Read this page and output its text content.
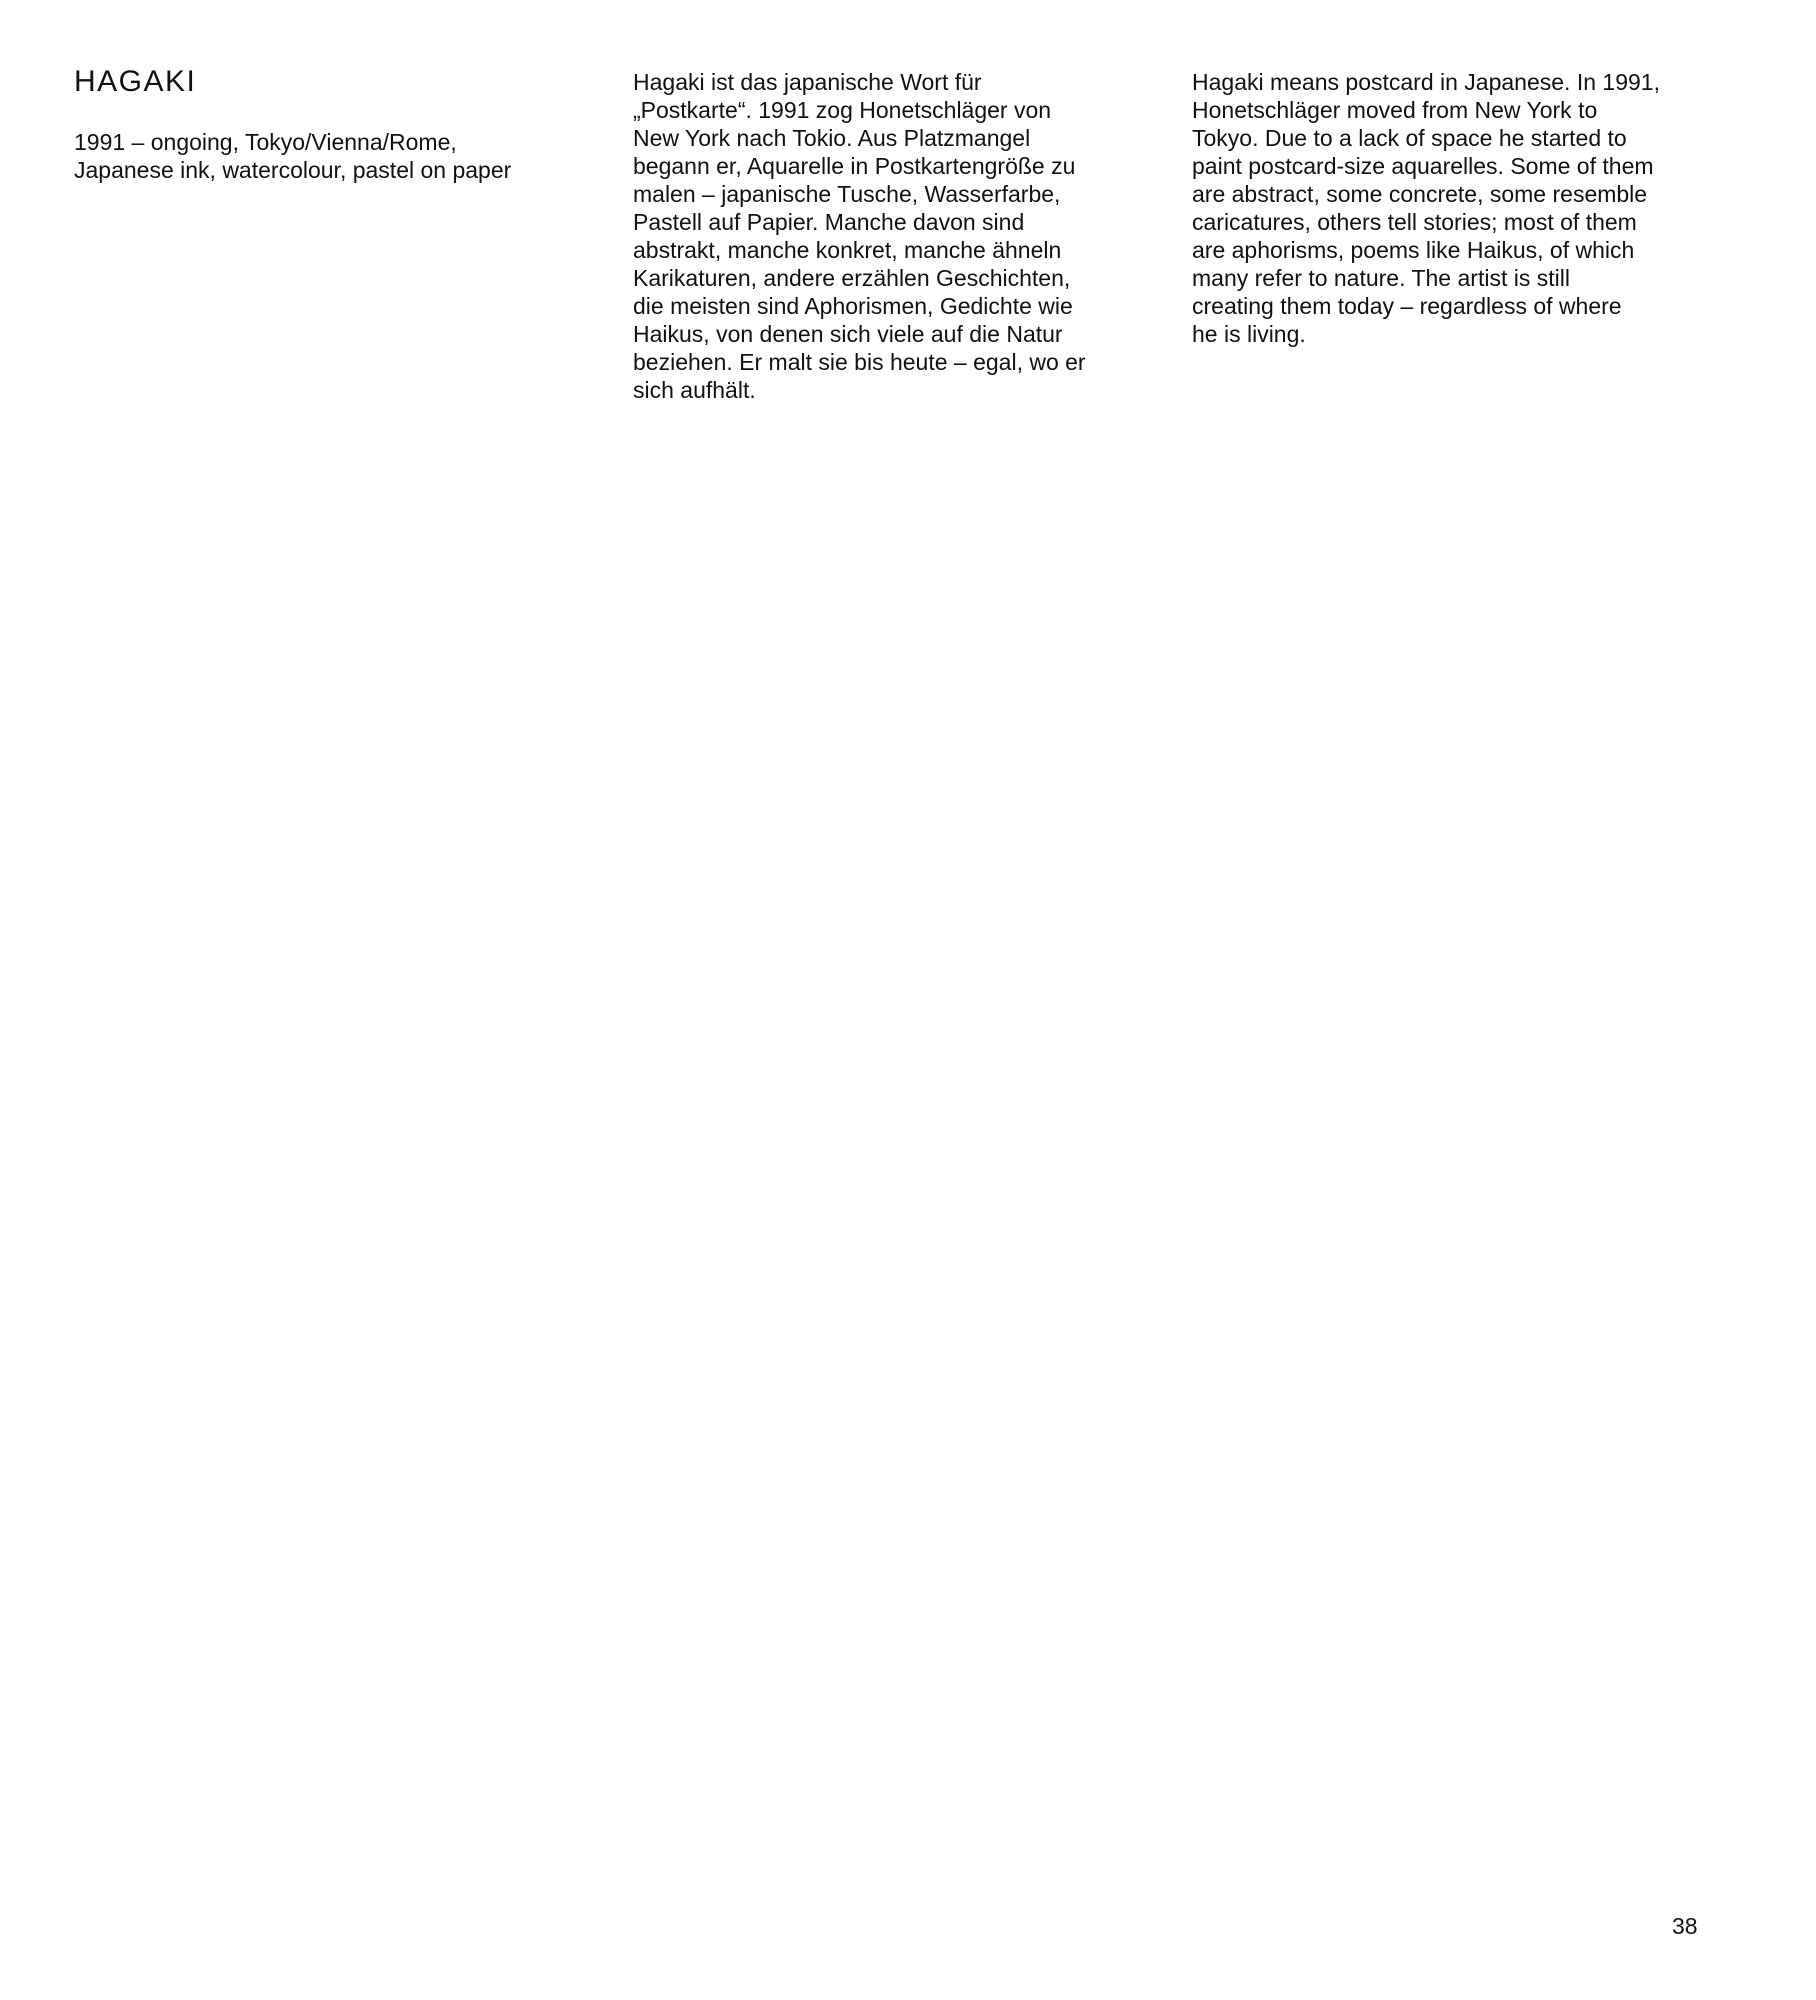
HAGAKI
1991 – ongoing, Tokyo/Vienna/Rome,
Japanese ink, watercolour, pastel on paper

Hagaki ist das japanische Wort für
„Postkarte“. 1991 zog Honetschläger von
New York nach Tokio. Aus Platzmangel
begann er, Aquarelle in Postkartengröße zu
malen – japanische Tusche, Wasserfarbe,
Pastell auf Papier. Manche davon sind
abstrakt, manche konkret, manche ähneln
Karikaturen, andere erzählen Geschichten,
die meisten sind Aphorismen, Gedichte wie
Haikus, von denen sich viele auf die Natur
beziehen. Er malt sie bis heute – egal, wo er
sich aufhält.

Hagaki means postcard in Japanese. In 1991,
Honetschläger moved from New York to
Tokyo. Due to a lack of space he started to
paint postcard-size aquarelles. Some of them
are abstract, some concrete, some resemble
caricatures, others tell stories; most of them
are aphorisms, poems like Haikus, of which
many refer to nature. The artist is still
creating them today – regardless of where
he is living.

38
